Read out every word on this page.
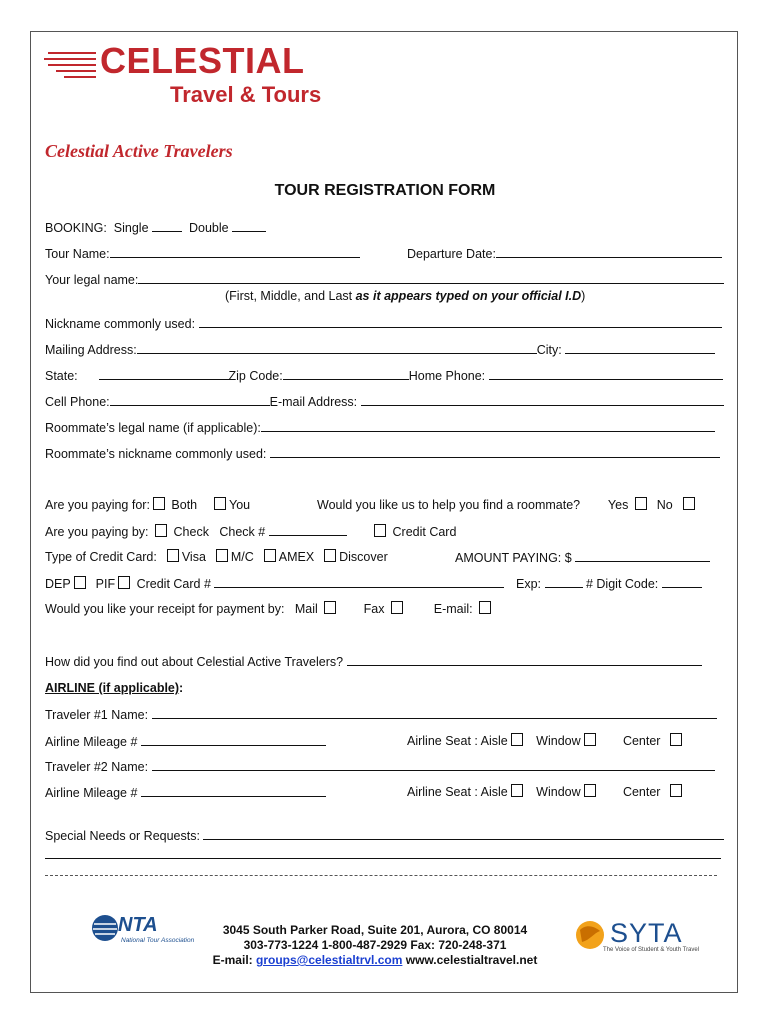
CELESTIAL
Travel & Tours
Celestial Active Travelers
TOUR REGISTRATION FORM
BOOKING: Single	Double
Tour Name:	Departure Date:
Your legal name:
(First, Middle, and Last as it appears typed on your official I.D)
Nickname commonly used:
Mailing Address:	City:
State:	Zip Code:	Home Phone:
Cell Phone:	E-mail Address:
Roommate’s legal name (if applicable):
Roommate’s nickname commonly used:
Are you paying for: Both	You	Would you like us to help you find a roommate? Yes No
Are you paying by: Check Check #	Credit Card
Type of Credit Card: Visa M/C AMEX Discover	AMOUNT PAYING: $
DEP PIF Credit Card #	Exp:	# Digit Code:
Would you like your receipt for payment by: Mail	Fax	E-mail:
How did you find out about Celestial Active Travelers?
AIRLINE (if applicable):
Traveler #1 Name:
Airline Mileage #	Airline Seat : Aisle Window	Center
Traveler #2 Name:
Airline Mileage #	Airline Seat : Aisle Window	Center
Special Needs or Requests:
NTA
National Tour Association
3045 South Parker Road, Suite 201, Aurora, CO 80014
303-773-1224 1-800-487-2929 Fax: 720-248-371
E-mail: groups@celestialtrvl.com www.celestialtravel.net
SYTA
The Voice of Student & Youth Travel
